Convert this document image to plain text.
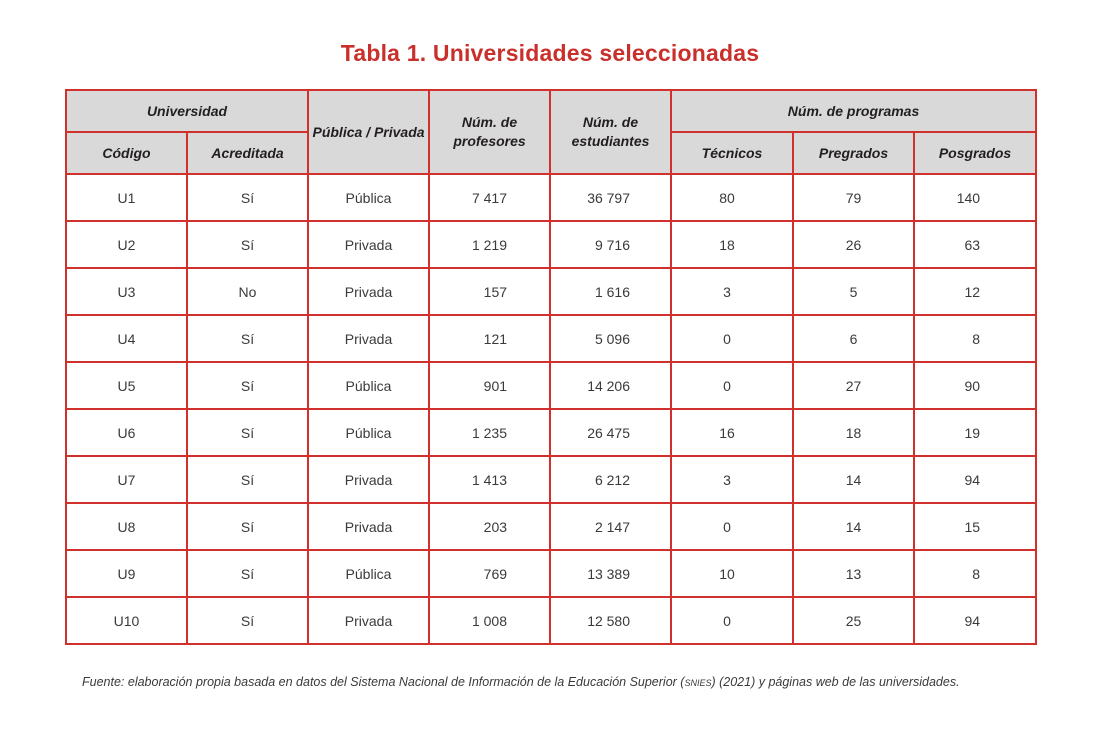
Tabla 1. Universidades seleccionadas
Universidad		Pública / Privada	Núm. de profesores	Núm. de estudiantes	Núm. de programas		
Código	Acreditada				Técnicos	Pregrados	Posgrados
U1	Sí	Pública	7 417	36 797	80	79	140
U2	Sí	Privada	1 219	9 716	18	26	63
U3	No	Privada	157	1 616	3	5	12
U4	Sí	Privada	121	5 096	0	6	8
U5	Sí	Pública	901	14 206	0	27	90
U6	Sí	Pública	1 235	26 475	16	18	19
U7	Sí	Privada	1 413	6 212	3	14	94
U8	Sí	Privada	203	2 147	0	14	15
U9	Sí	Pública	769	13 389	10	13	8
U10	Sí	Privada	1 008	12 580	0	25	94
Fuente: elaboración propia basada en datos del Sistema Nacional de Información de la Educación Superior (snies) (2021) y páginas web de las universidades.
